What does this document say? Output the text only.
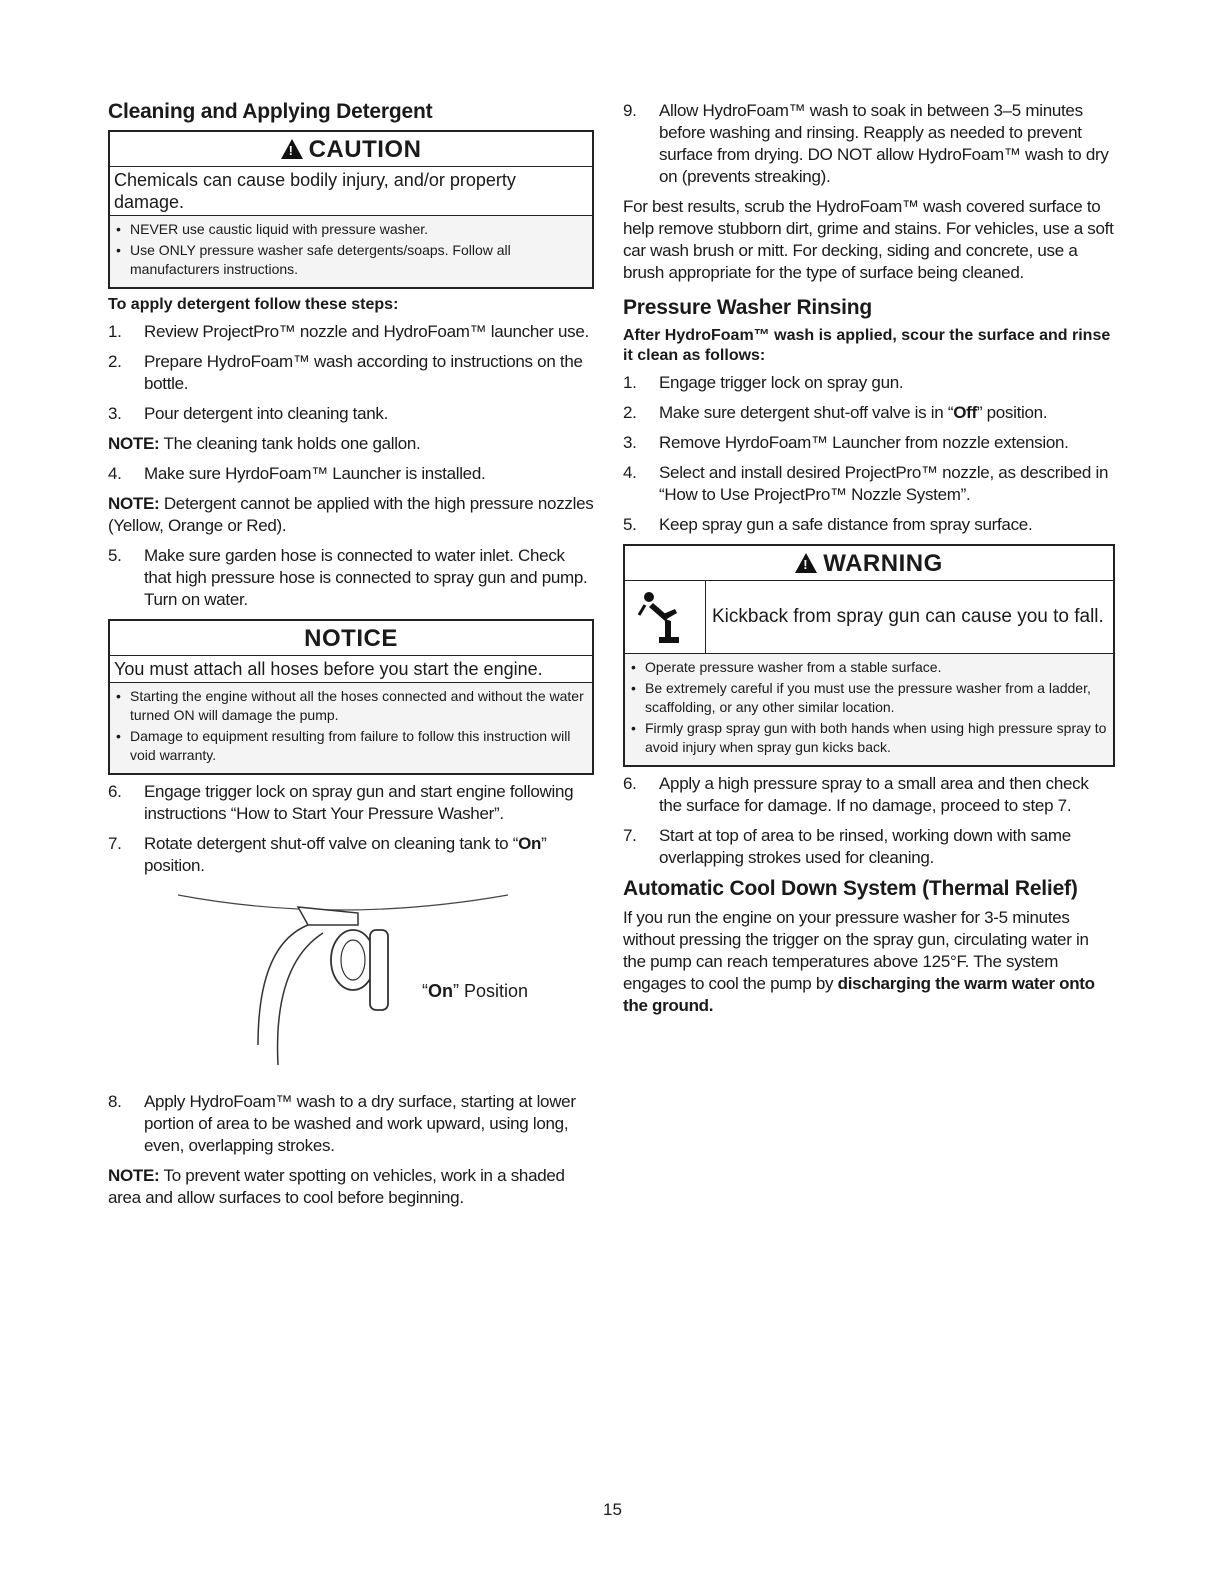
Cleaning and Applying Detergent
!CAUTION
Chemicals can cause bodily injury, and/or property damage.
• NEVER use caustic liquid with pressure washer.
• Use ONLY pressure washer safe detergents/soaps. Follow all manufacturers instructions.
To apply detergent follow these steps:
1.	Review ProjectPro™ nozzle and HydroFoam™ launcher use.
2.	Prepare HydroFoam™ wash according to instructions on the bottle.
3.	Pour detergent into cleaning tank.
NOTE: The cleaning tank holds one gallon.
4.	Make sure HyrdoFoam™ Launcher is installed.
NOTE: Detergent cannot be applied with the high pressure nozzles (Yellow, Orange or Red).
5.	Make sure garden hose is connected to water inlet. Check that high pressure hose is connected to spray gun and pump. Turn on water.
NOTICE
You must attach all hoses before you start the engine.
• Starting the engine without all the hoses connected and without the water turned ON will damage the pump.
• Damage to equipment resulting from failure to follow this instruction will void warranty.
6.	Engage trigger lock on spray gun and start engine following instructions “How to Start Your Pressure Washer”.
7.	Rotate detergent shut-off valve on cleaning tank to “On” position.
“On” Position
8.	Apply HydroFoam™ wash to a dry surface, starting at lower portion of area to be washed and work upward, using long, even, overlapping strokes.
NOTE: To prevent water spotting on vehicles, work in a shaded area and allow surfaces to cool before beginning.
9.	Allow HydroFoam™ wash to soak in between 3–5 minutes before washing and rinsing. Reapply as needed to prevent surface from drying. DO NOT allow HydroFoam™ wash to dry on (prevents streaking).
For best results, scrub the HydroFoam™ wash covered surface to help remove stubborn dirt, grime and stains. For vehicles, use a soft car wash brush or mitt. For decking, siding and concrete, use a brush appropriate for the type of surface being cleaned.
Pressure Washer Rinsing
After HydroFoam™ wash is applied, scour the surface and rinse it clean as follows:
1.	Engage trigger lock on spray gun.
2.	Make sure detergent shut-off valve is in “Off” position.
3.	Remove HyrdoFoam™ Launcher from nozzle extension.
4.	Select and install desired ProjectPro™ nozzle, as described in “How to Use ProjectPro™ Nozzle System”.
5.	Keep spray gun a safe distance from spray surface.
!WARNING
Kickback from spray gun can cause you to fall.
• Operate pressure washer from a stable surface.
• Be extremely careful if you must use the pressure washer from a ladder, scaffolding, or any other similar location.
• Firmly grasp spray gun with both hands when using high pressure spray to avoid injury when spray gun kicks back.
6.	Apply a high pressure spray to a small area and then check the surface for damage. If no damage, proceed to step 7.
7.	Start at top of area to be rinsed, working down with same overlapping strokes used for cleaning.
Automatic Cool Down System (Thermal Relief)
If you run the engine on your pressure washer for 3-5 minutes without pressing the trigger on the spray gun, circulating water in the pump can reach temperatures above 125°F. The system engages to cool the pump by discharging the warm water onto the ground.
15
